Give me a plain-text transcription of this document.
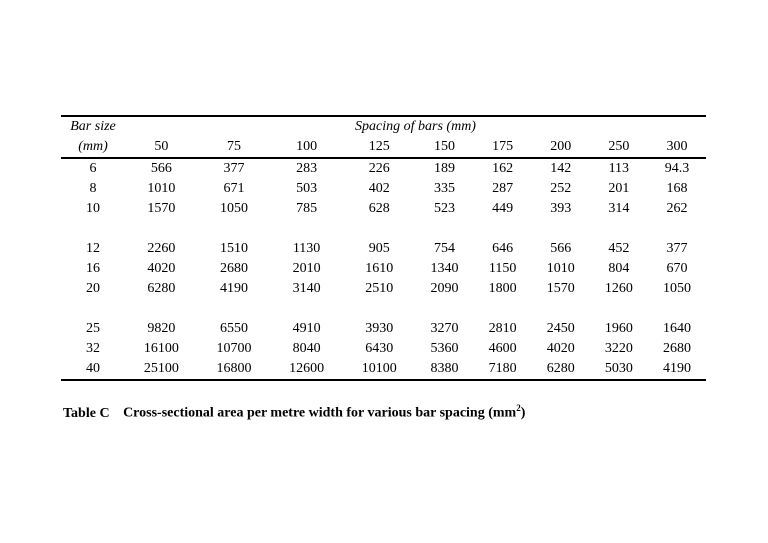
Bar size	Spacing of bars (mm)								
(mm)	50	75	100	125	150	175	200	250	300
6	566	377	283	226	189	162	142	113	94.3
8	1010	671	503	402	335	287	252	201	168
10	1570	1050	785	628	523	449	393	314	262

12	2260	1510	1130	905	754	646	566	452	377
16	4020	2680	2010	1610	1340	1150	1010	804	670
20	6280	4190	3140	2510	2090	1800	1570	1260	1050

25	9820	6550	4910	3930	3270	2810	2450	1960	1640
32	16100	10700	8040	6430	5360	4600	4020	3220	2680
40	25100	16800	12600	10100	8380	7180	6280	5030	4190
Table C Cross-sectional area per metre width for various bar spacing $(mm^2)$
